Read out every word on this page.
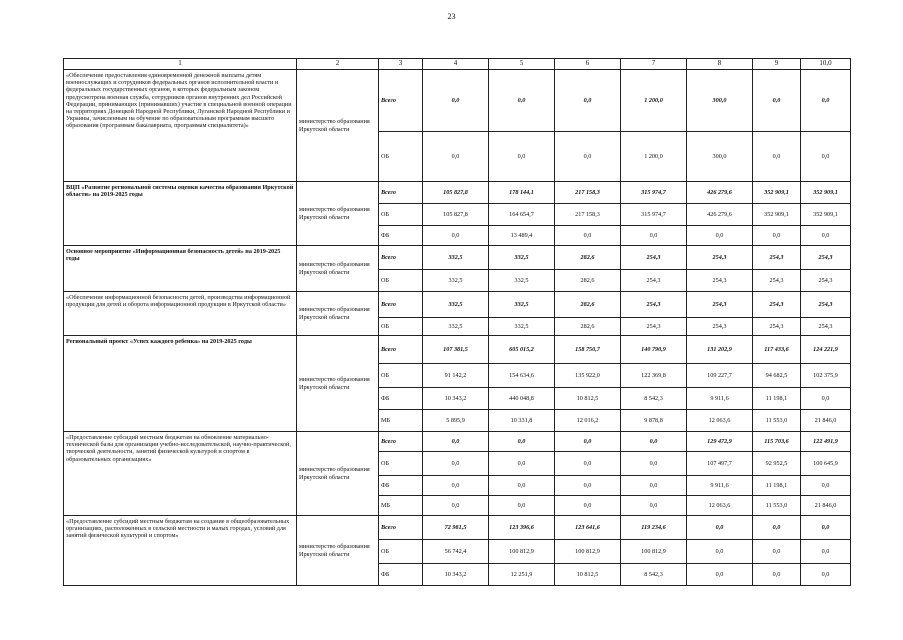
23
1	2	3	4	5	6	7	8	9	10,0
«Обеспечение предоставления единовременной денежной выплаты детям военнослужащих и сотрудников федеральных органов исполнительной власти и федеральных государственных органов, в которых федеральным законом предусмотрена военная служба, сотрудников органов внутренних дел Российской Федерации, принимающих (принимавших) участие в специальной военной операции на территориях Донецкой Народной Республики, Луганской Народной Республики и Украины, зачисленным на обучение по образовательным программам высшего образования (программам бакалавриата, программам специалитета)»	министерство образования Иркутской области	Всего	0,0	0,0	0,0	1 200,0	300,0	0,0	0,0
		ОБ	0,0	0,0	0,0	1 200,0	300,0	0,0	0,0
ВЦП «Развитие региональной системы оценки качества образования Иркутской области» на 2019-2025 годы	министерство образования Иркутской области	Всего	105 827,8	178 144,1	217 158,3	315 974,7	426 279,6	352 909,1	352 909,1
		ОБ	105 827,8	164 654,7	217 158,3	315 974,7	426 279,6	352 909,1	352 909,1
		ФБ	0,0	13 489,4	0,0	0,0	0,0	0,0	0,0
Основное мероприятие «Информационная безопасность детей» на 2019-2025 годы	министерство образования Иркутской области	Всего	332,5	332,5	282,6	254,3	254,3	254,3	254,3
		ОБ	332,5	332,5	282,6	254,3	254,3	254,3	254,3
«Обеспечение информационной безопасности детей, производства информационной продукции для детей и оборота информационной продукции в Иркутской области»	министерство образования Иркутской области	Всего	332,5	332,5	282,6	254,3	254,3	254,3	254,3
		ОБ	332,5	332,5	282,6	254,3	254,3	254,3	254,3
Региональный проект «Успех каждого ребенка» на 2019-2025 годы	министерство образования Иркутской области	Всего	107 381,5	605 015,2	158 750,7	140 790,9	131 202,9	117 433,6	124 221,9
		ОБ	91 142,2	154 634,6	135 922,0	122 369,8	109 227,7	94 682,5	102 375,9
		ФБ	10 343,2	440 048,8	10 812,5	8 542,3	9 911,6	11 198,1	0,0
		МБ	5 895,9	10 331,8	12 016,2	9 878,8	12 063,6	11 553,0	21 846,0
«Предоставление субсидий местным бюджетам на обновление материально-технической базы для организации учебно-исследовательской, научно-практической, творческой деятельности, занятий физической культурой и спортом в образовательных организациях»	министерство образования Иркутской области	Всего	0,0	0,0	0,0	0,0	129 472,9	115 703,6	122 491,9
		ОБ	0,0	0,0	0,0	0,0	107 497,7	92 952,5	100 645,9
		ФБ	0,0	0,0	0,0	0,0	9 911,6	11 198,1	0,0
		МБ	0,0	0,0	0,0	0,0	12 063,6	11 553,0	21 846,0
«Предоставление субсидий местным бюджетам на создание в общеобразовательных организациях, расположенных в сельской местности и малых городах, условий для занятий физической культурой и спортом»	министерство образования Иркутской области	Всего	72 981,5	123 396,6	123 641,6	119 234,6	0,0	0,0	0,0
		ОБ	56 742,4	100 812,9	100 812,9	100 812,9	0,0	0,0	0,0
		ФБ	10 343,2	12 251,9	10 812,5	8 542,3	0,0	0,0	0,0
